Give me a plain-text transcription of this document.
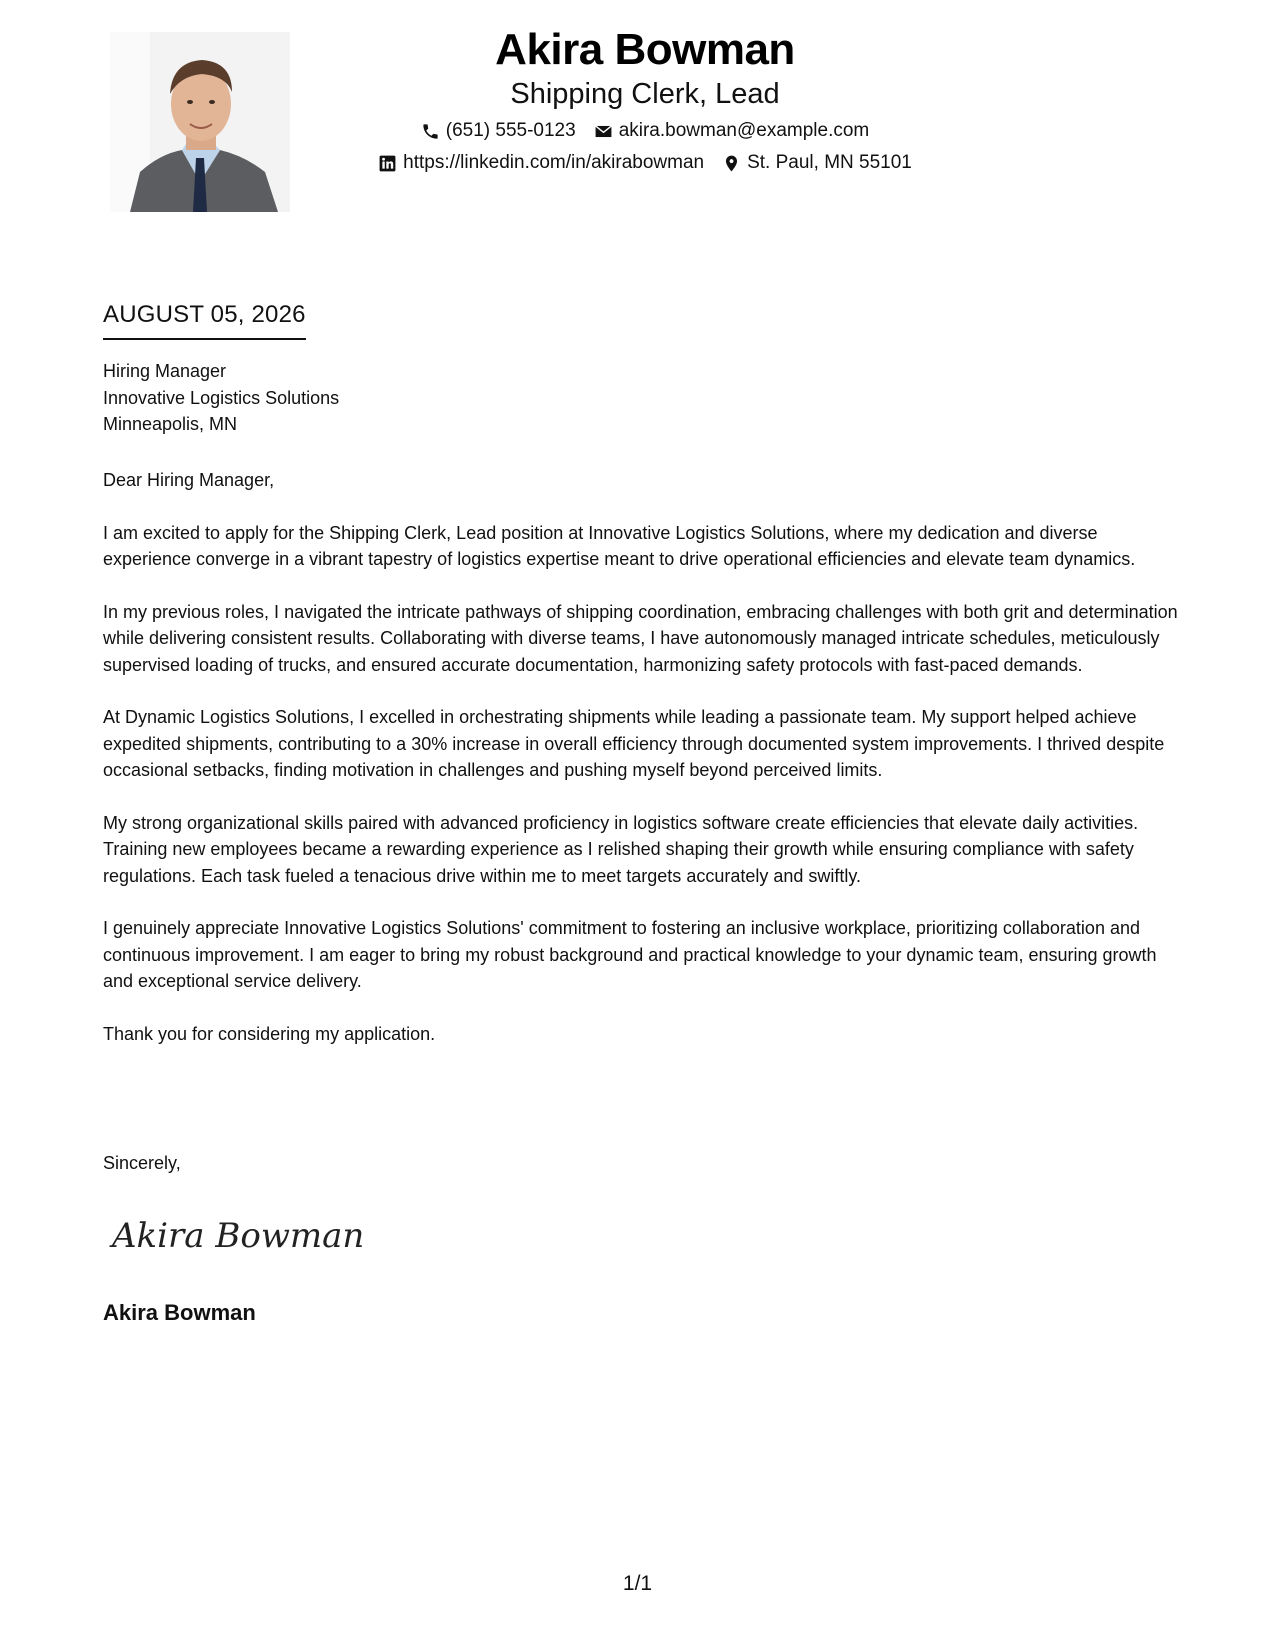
Akira Bowman
Shipping Clerk, Lead
(651) 555-0123 akira.bowman@example.com
https://linkedin.com/in/akirabowman St. Paul, MN 55101
AUGUST 05, 2026
Hiring Manager
Innovative Logistics Solutions
Minneapolis, MN

Dear Hiring Manager,

I am excited to apply for the Shipping Clerk, Lead position at Innovative Logistics Solutions, where my dedication and diverse experience converge in a vibrant tapestry of logistics expertise meant to drive operational efficiencies and elevate team dynamics.

In my previous roles, I navigated the intricate pathways of shipping coordination, embracing challenges with both grit and determination while delivering consistent results. Collaborating with diverse teams, I have autonomously managed intricate schedules, meticulously supervised loading of trucks, and ensured accurate documentation, harmonizing safety protocols with fast-paced demands.

At Dynamic Logistics Solutions, I excelled in orchestrating shipments while leading a passionate team. My support helped achieve expedited shipments, contributing to a 30% increase in overall efficiency through documented system improvements. I thrived despite occasional setbacks, finding motivation in challenges and pushing myself beyond perceived limits.

My strong organizational skills paired with advanced proficiency in logistics software create efficiencies that elevate daily activities. Training new employees became a rewarding experience as I relished shaping their growth while ensuring compliance with safety regulations. Each task fueled a tenacious drive within me to meet targets accurately and swiftly.

I genuinely appreciate Innovative Logistics Solutions' commitment to fostering an inclusive workplace, prioritizing collaboration and continuous improvement. I am eager to bring my robust background and practical knowledge to your dynamic team, ensuring growth and exceptional service delivery.

Thank you for considering my application.

Sincerely,
Akira Bowman
Akira Bowman
1/1
